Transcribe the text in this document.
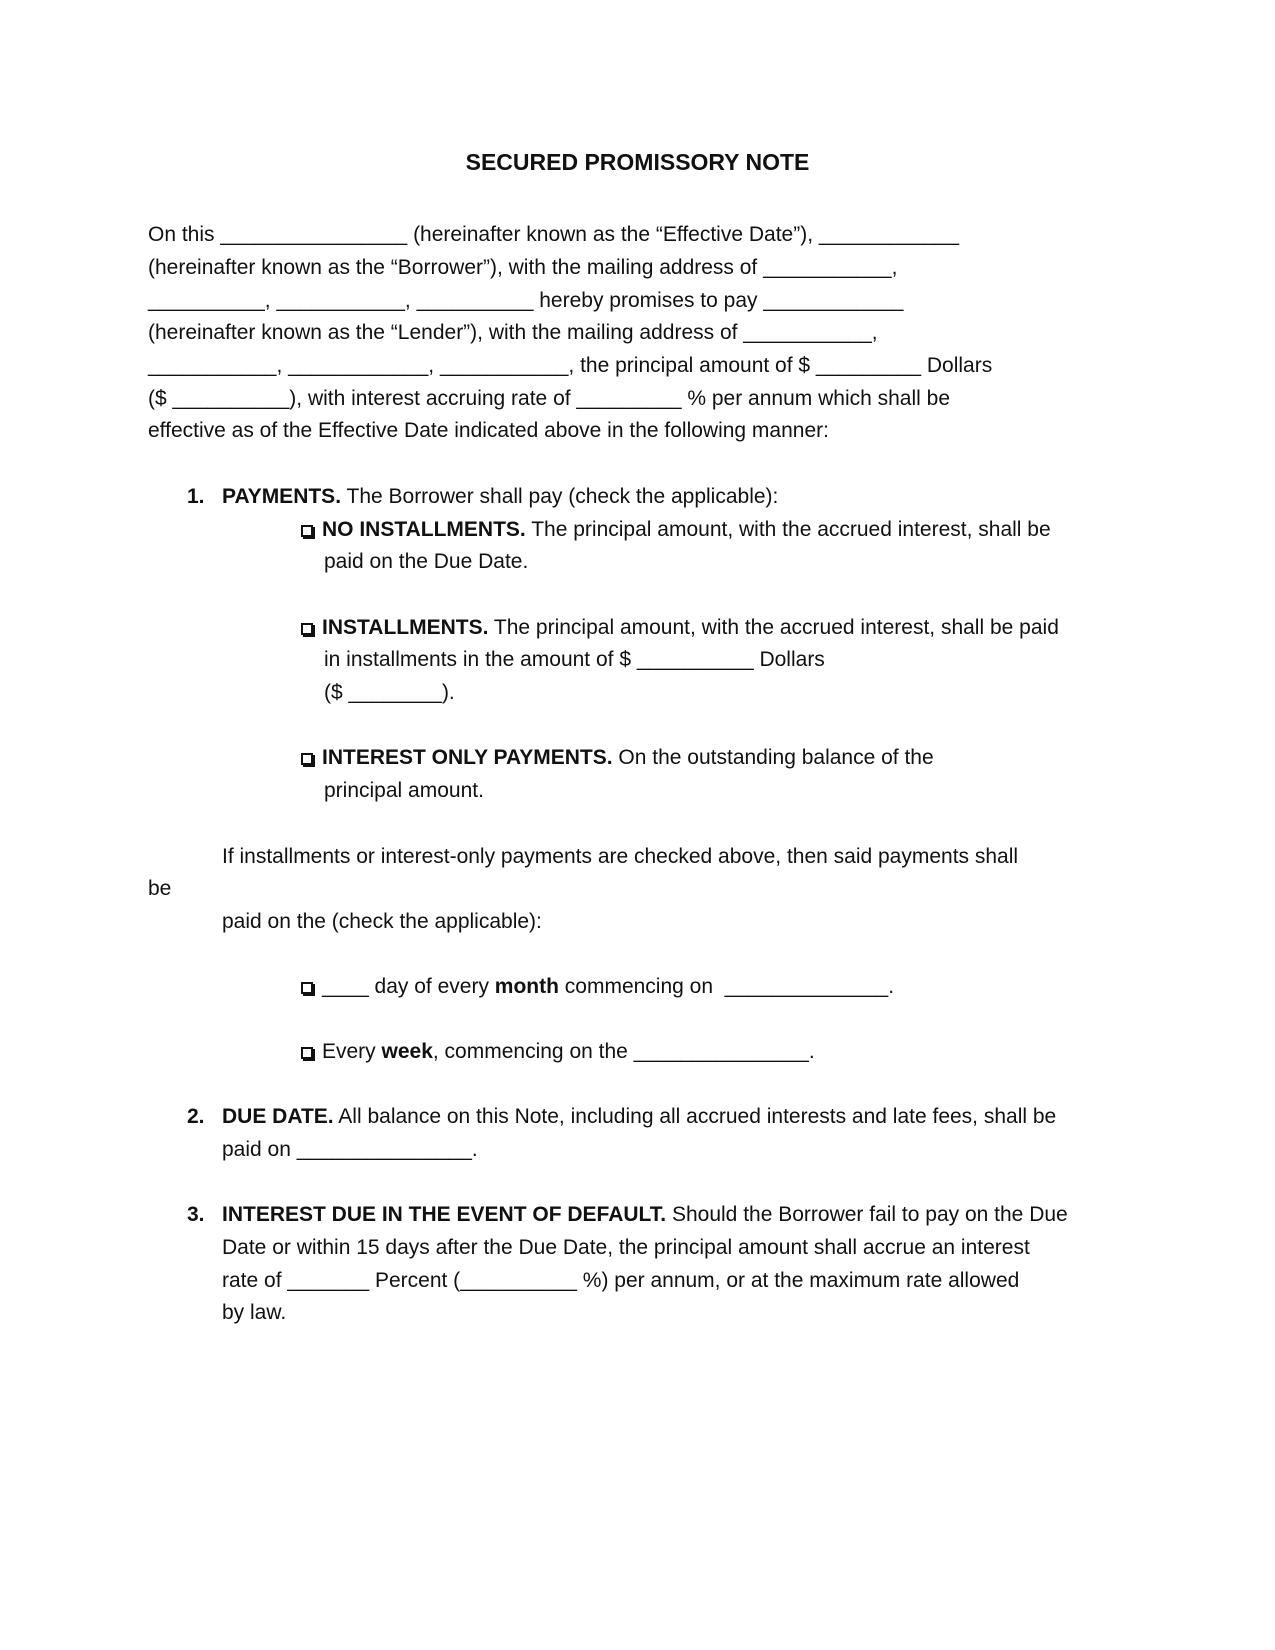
SECURED PROMISSORY NOTE
On this ________________ (hereinafter known as the “Effective Date”), ____________
(hereinafter known as the “Borrower”), with the mailing address of ___________,
__________, ___________, __________ hereby promises to pay ____________
(hereinafter known as the “Lender”), with the mailing address of ___________,
___________, ____________, ___________, the principal amount of $ _________ Dollars
($ __________), with interest accruing rate of _________ % per annum which shall be
effective as of the Effective Date indicated above in the following manner:
1. PAYMENTS. The Borrower shall pay (check the applicable):
NO INSTALLMENTS. The principal amount, with the accrued interest, shall be
paid on the Due Date.
INSTALLMENTS. The principal amount, with the accrued interest, shall be paid
in installments in the amount of $ __________ Dollars
($ ________).
INTEREST ONLY PAYMENTS. On the outstanding balance of the
principal amount.
If installments or interest-only payments are checked above, then said payments shall
be
paid on the (check the applicable):
____ day of every month commencing on  ______________.
Every week, commencing on the _______________.
2. DUE DATE. All balance on this Note, including all accrued interests and late fees, shall be
paid on _______________.
3. INTEREST DUE IN THE EVENT OF DEFAULT. Should the Borrower fail to pay on the Due
Date or within 15 days after the Due Date, the principal amount shall accrue an interest
rate of _______ Percent (__________ %) per annum, or at the maximum rate allowed
by law.
